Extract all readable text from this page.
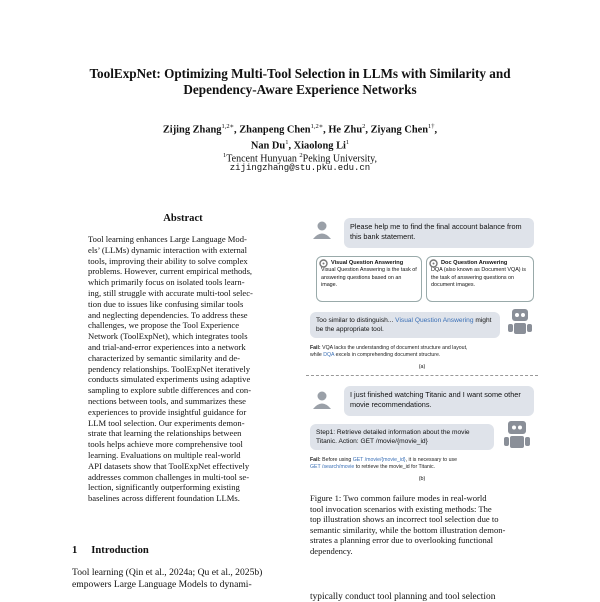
ToolExpNet: Optimizing Multi-Tool Selection in LLMs with Similarity and
Dependency-Aware Experience Networks
Zijing Zhang$^{1,2∗}$, Zhanpeng Chen$^{1,2∗}$, He Zhu$^2$, Ziyang Chen$^{1\dagger}$,
Nan Du$^1$, Xiaolong Li$^1$
$^1$Tencent Hunyuan $^2$Peking University,
zijingzhang@stu.pku.edu.cn
Abstract

Tool learning enhances Large Language Mod-

els’ (LLMs) dynamic interaction with external

tools, improving their ability to solve complex

problems. However, current empirical methods,

which primarily focus on isolated tools learn-

ing, still struggle with accurate multi-tool selec-

tion due to issues like confusing similar tools

and neglecting dependencies. To address these

challenges, we propose the Tool Experience

Network (ToolExpNet), which integrates tools

and trial-and-error experiences into a network

characterized by semantic similarity and de-

pendency relationships. ToolExpNet iteratively

conducts simulated experiments using adaptive

sampling to explore subtle differences and con-

nections between tools, and summarizes these

experiences to provide insightful guidance for

LLM tool selection. Our experiments demon-

strate that learning the relationships between

tools helps achieve more comprehensive tool

learning. Evaluations on multiple real-world

API datasets show that ToolExpNet effectively

addresses common challenges in multi-tool se-

lection, significantly outperforming existing

baselines across different foundation LLMs.

1 Introduction

Tool learning (Qin et al., 2024a; Qu et al., 2025b)

empowers Large Language Models to dynami-

Please help me to find the final account balance from this bank statement.
Visual Question Answering
Visual Question Answering is the task of answering questions based on an image.
Doc Question Answering
DQA (also known as Document VQA) is the task of answering questions on document images.
Too similar to distinguish... Visual Question Answering might be the appropriate tool.
Fail: VQA lacks the understanding of document structure and layout,
while DQA excels in comprehending document structure.
(a)
I just finished watching Titanic and I want some other movie recommendations.
Step1: Retrieve detailed information about the movie
Titanic. Action: GET /movie/{movie_id}
Fail: Before using GET /movie/{movie_id}, it is necessary to use
GET /search/movie to retrieve the movie_id for Titanic.
(b)

Figure 1: Two common failure modes in real-world

tool invocation scenarios with existing methods: The

top illustration shows an incorrect tool selection due to

semantic similarity, while the bottom illustration demon-

strates a planning error due to overlooking functional

dependency.

typically conduct tool planning and tool selection
